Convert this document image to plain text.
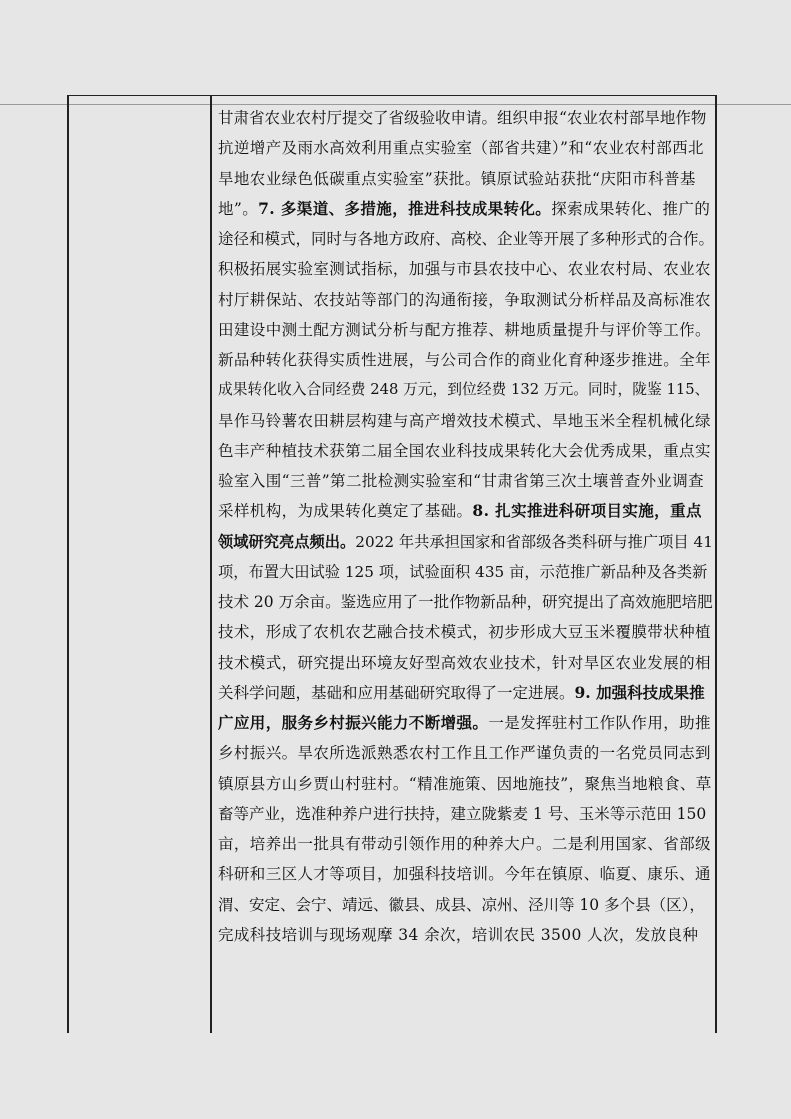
甘肃省农业农村厅提交了省级验收申请。组织申报“农业农村部旱地作物
抗逆增产及雨水高效利用重点实验室（部省共建）”和“农业农村部西北
旱地农业绿色低碳重点实验室”获批。镇原试验站获批“庆阳市科普基
地”。7. 多渠道、多措施，推进科技成果转化。探索成果转化、推广的
途径和模式，同时与各地方政府、高校、企业等开展了多种形式的合作。
积极拓展实验室测试指标，加强与市县农技中心、农业农村局、农业农
村厅耕保站、农技站等部门的沟通衔接，争取测试分析样品及高标准农
田建设中测土配方测试分析与配方推荐、耕地质量提升与评价等工作。
新品种转化获得实质性进展，与公司合作的商业化育种逐步推进。全年
成果转化收入合同经费 248 万元，到位经费 132 万元。同时，陇鉴 115、
旱作马铃薯农田耕层构建与高产增效技术模式、旱地玉米全程机械化绿
色丰产种植技术获第二届全国农业科技成果转化大会优秀成果，重点实
验室入围“三普”第二批检测实验室和“甘肃省第三次土壤普查外业调查
采样机构，为成果转化奠定了基础。8. 扎实推进科研项目实施，重点
领域研究亮点频出。2022 年共承担国家和省部级各类科研与推广项目 41
项，布置大田试验 125 项，试验面积 435 亩，示范推广新品种及各类新
技术 20 万余亩。鉴选应用了一批作物新品种，研究提出了高效施肥培肥
技术，形成了农机农艺融合技术模式，初步形成大豆玉米覆膜带状种植
技术模式，研究提出环境友好型高效农业技术，针对旱区农业发展的相
关科学问题，基础和应用基础研究取得了一定进展。9. 加强科技成果推
广应用，服务乡村振兴能力不断增强。一是发挥驻村工作队作用，助推
乡村振兴。旱农所选派熟悉农村工作且工作严谨负责的一名党员同志到
镇原县方山乡贾山村驻村。“精准施策、因地施技”，聚焦当地粮食、草
畜等产业，选准种养户进行扶持，建立陇紫麦 1 号、玉米等示范田 150
亩，培养出一批具有带动引领作用的种养大户。二是利用国家、省部级
科研和三区人才等项目，加强科技培训。今年在镇原、临夏、康乐、通
渭、安定、会宁、靖远、徽县、成县、凉州、泾川等 10 多个县（区），
完成科技培训与现场观摩 34 余次，培训农民 3500 人次，发放良种
